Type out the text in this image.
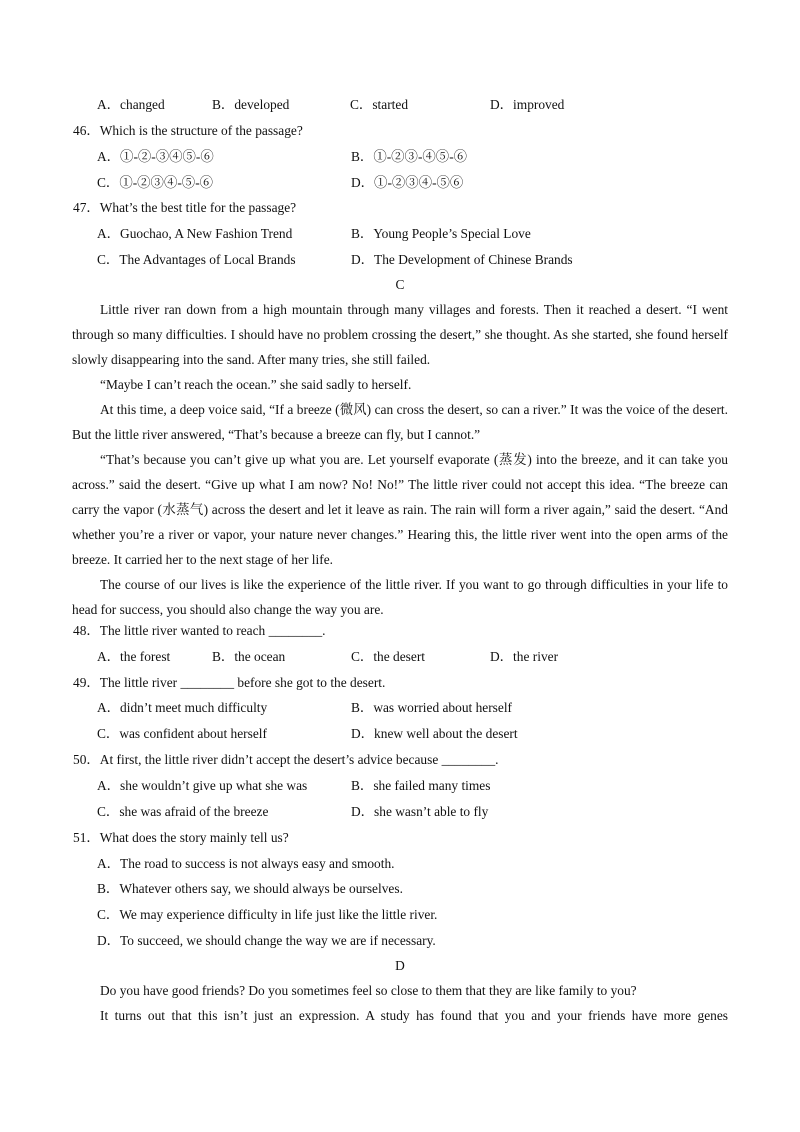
A．changed	B．developed	C．started	D．improved
46．Which is the structure of the passage?
A．①-②-③④⑤-⑥	B．①-②③-④⑤-⑥
C．①-②③④-⑤-⑥	D．①-②③④-⑤⑥
47．What’s the best title for the passage?
A．Guochao, A New Fashion Trend	B．Young People’s Special Love
C．The Advantages of Local Brands	D．The Development of Chinese Brands
C

Little river ran down from a high mountain through many villages and forests. Then it reached a desert. “I went through so many difficulties. I should have no problem crossing the desert,” she thought. As she started, she found herself slowly disappearing into the sand. After many tries, she still failed.

“Maybe I can’t reach the ocean.” she said sadly to herself.

At this time, a deep voice said, “If a breeze (微风) can cross the desert, so can a river.” It was the voice of the desert. But the little river answered, “That’s because a breeze can fly, but I cannot.”

“That’s because you can’t give up what you are. Let yourself evaporate (蒸发) into the breeze, and it can take you across.” said the desert. “Give up what I am now? No! No!” The little river could not accept this idea. “The breeze can carry the vapor (水蒸气) across the desert and let it leave as rain. The rain will form a river again,” said the desert. “And whether you’re a river or vapor, your nature never changes.” Hearing this, the little river went into the open arms of the breeze. It carried her to the next stage of her life.

The course of our lives is like the experience of the little river. If you want to go through difficulties in your life to head for success, you should also change the way you are.

48．The little river wanted to reach ________.
A．the forest	B．the ocean	C．the desert	D．the river
49．The little river ________ before she got to the desert.
A．didn’t meet much difficulty	B．was worried about herself
C．was confident about herself	D．knew well about the desert
50．At first, the little river didn’t accept the desert’s advice because ________.
A．she wouldn’t give up what she was	B．she failed many times
C．she was afraid of the breeze	D．she wasn’t able to fly
51．What does the story mainly tell us?
A．The road to success is not always easy and smooth.
B．Whatever others say, we should always be ourselves.
C．We may experience difficulty in life just like the little river.
D．To succeed, we should change the way we are if necessary.
D

Do you have good friends? Do you sometimes feel so close to them that they are like family to you?

It turns out that this isn’t just an expression. A study has found that you and your friends have more genes
